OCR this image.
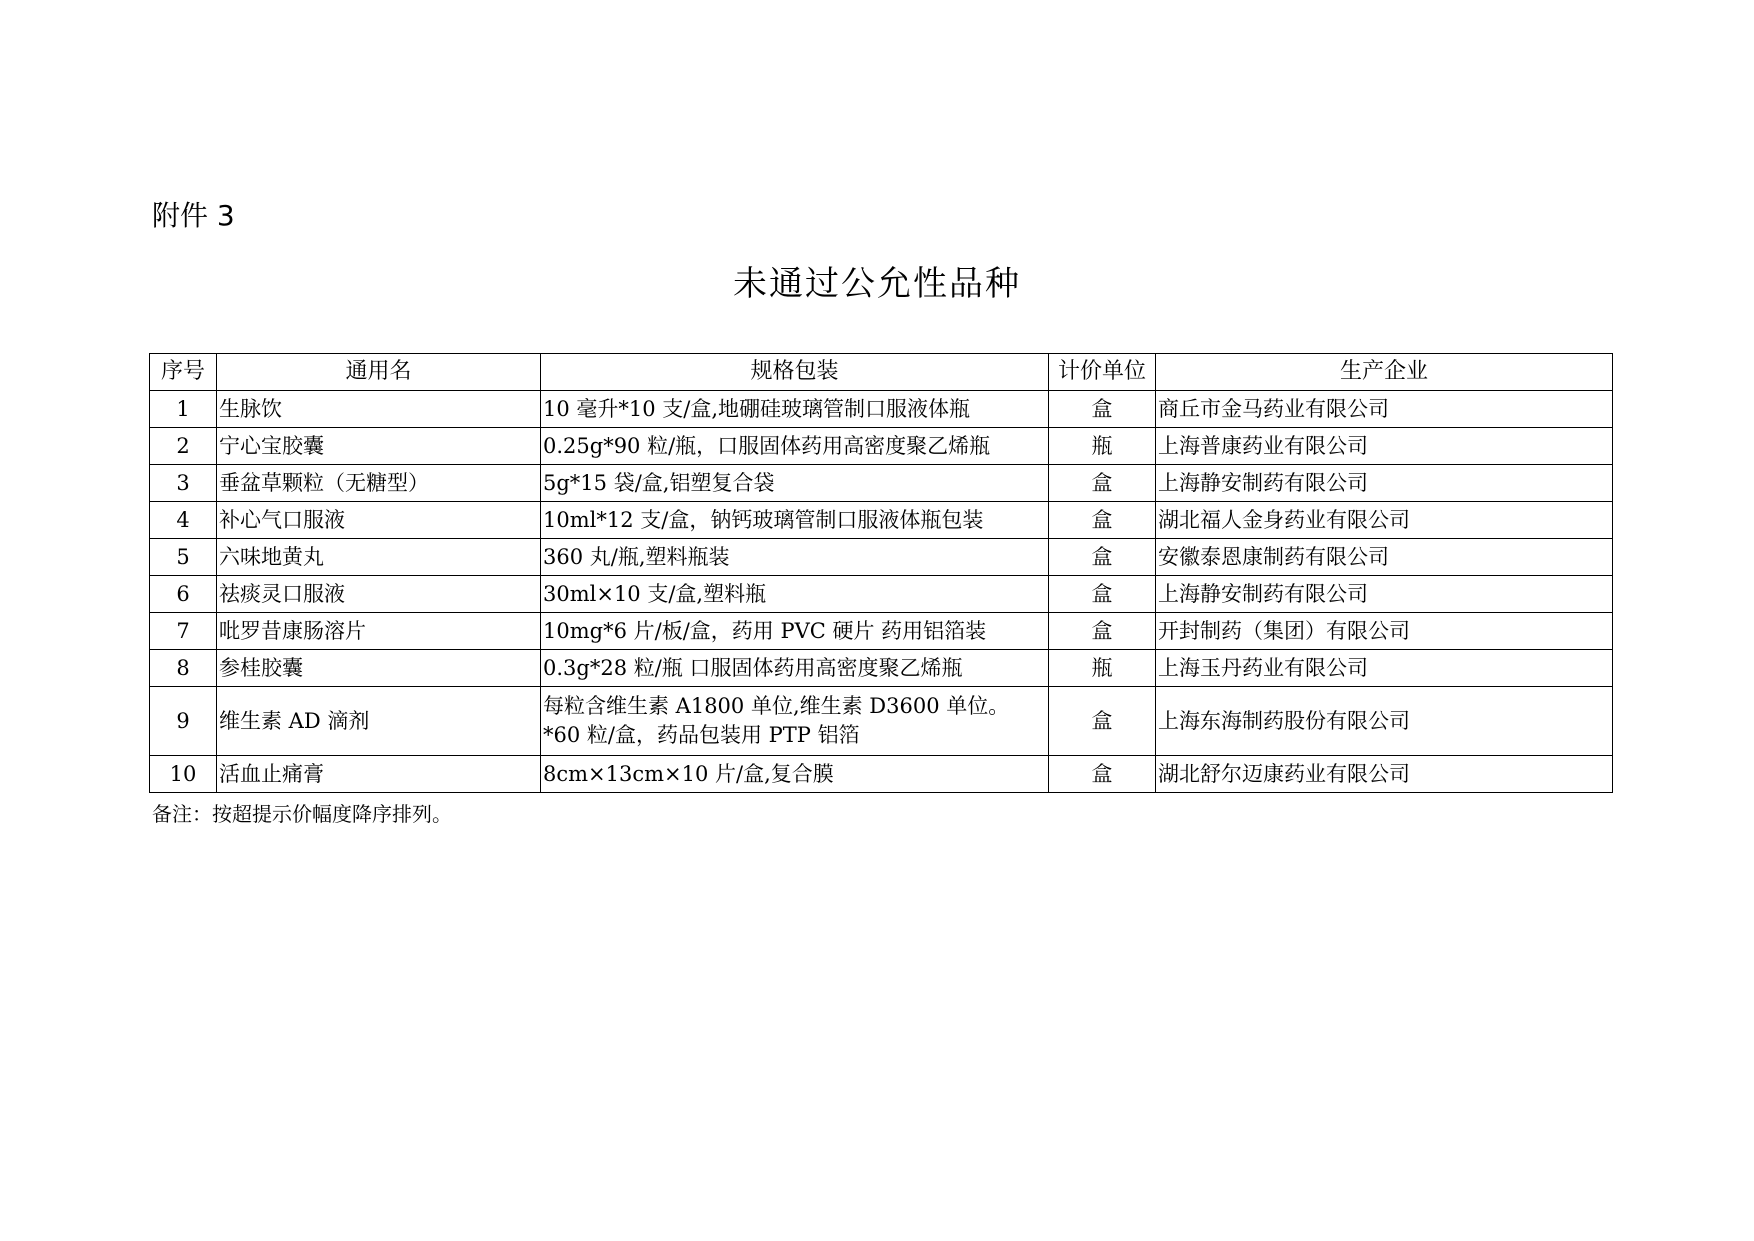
附件 3
未通过公允性品种
序号	通用名	规格包装	计价单位	生产企业
1	生脉饮	10 毫升*10 支/盒,地硼硅玻璃管制口服液体瓶	盒	商丘市金马药业有限公司
2	宁心宝胶囊	0.25g*90 粒/瓶，口服固体药用高密度聚乙烯瓶	瓶	上海普康药业有限公司
3	垂盆草颗粒（无糖型）	5g*15 袋/盒,铝塑复合袋	盒	上海静安制药有限公司
4	补心气口服液	10ml*12 支/盒，钠钙玻璃管制口服液体瓶包装	盒	湖北福人金身药业有限公司
5	六味地黄丸	360 丸/瓶,塑料瓶装	盒	安徽泰恩康制药有限公司
6	祛痰灵口服液	30ml×10 支/盒,塑料瓶	盒	上海静安制药有限公司
7	吡罗昔康肠溶片	10mg*6 片/板/盒，药用 PVC 硬片 药用铝箔装	盒	开封制药（集团）有限公司
8	参桂胶囊	0.3g*28 粒/瓶 口服固体药用高密度聚乙烯瓶	瓶	上海玉丹药业有限公司
9	维生素 AD 滴剂	每粒含维生素 A1800 单位,维生素 D3600 单位。*60 粒/盒，药品包装用 PTP 铝箔	盒	上海东海制药股份有限公司
10	活血止痛膏	8cm×13cm×10 片/盒,复合膜	盒	湖北舒尔迈康药业有限公司
备注：按超提示价幅度降序排列。
